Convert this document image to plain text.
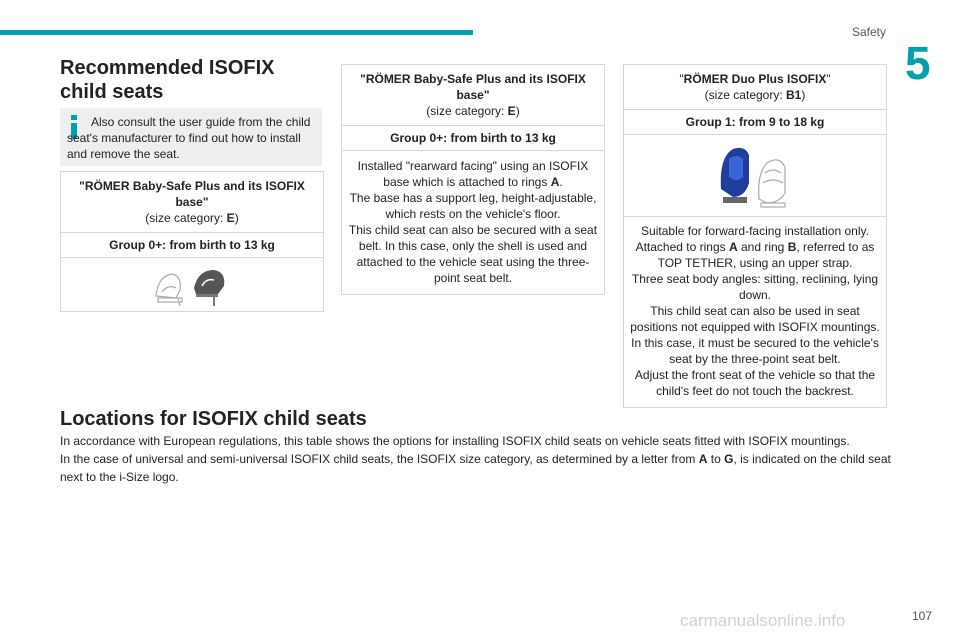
Safety
5
Recommended ISOFIX child seats
Also consult the user guide from the child seat's manufacturer to find out how to install and remove the seat.
"RÖMER Baby-Safe Plus and its ISOFIX base"
(size category: E)
Group 0+: from birth to 13 kg
"RÖMER Baby-Safe Plus and its ISOFIX base"
(size category: E)
Group 0+: from birth to 13 kg
Installed "rearward facing" using an ISOFIX base which is attached to rings A.
The base has a support leg, height-adjustable, which rests on the vehicle's floor.
This child seat can also be secured with a seat belt. In this case, only the shell is used and attached to the vehicle seat using the three-point seat belt.
"RÖMER Duo Plus ISOFIX"
(size category: B1)
Group 1: from 9 to 18 kg
Suitable for forward-facing installation only.
Attached to rings A and ring B, referred to as TOP TETHER, using an upper strap.
Three seat body angles: sitting, reclining, lying down.
This child seat can also be used in seat positions not equipped with ISOFIX mountings. In this case, it must be secured to the vehicle's seat by the three-point seat belt.
Adjust the front seat of the vehicle so that the child's feet do not touch the backrest.
Locations for ISOFIX child seats

In accordance with European regulations, this table shows the options for installing ISOFIX child seats on vehicle seats fitted with ISOFIX mountings.

In the case of universal and semi-universal ISOFIX child seats, the ISOFIX size category, as determined by a letter from A to G, is indicated on the child seat next to the i-Size logo.

carmanualsonline.info	107
